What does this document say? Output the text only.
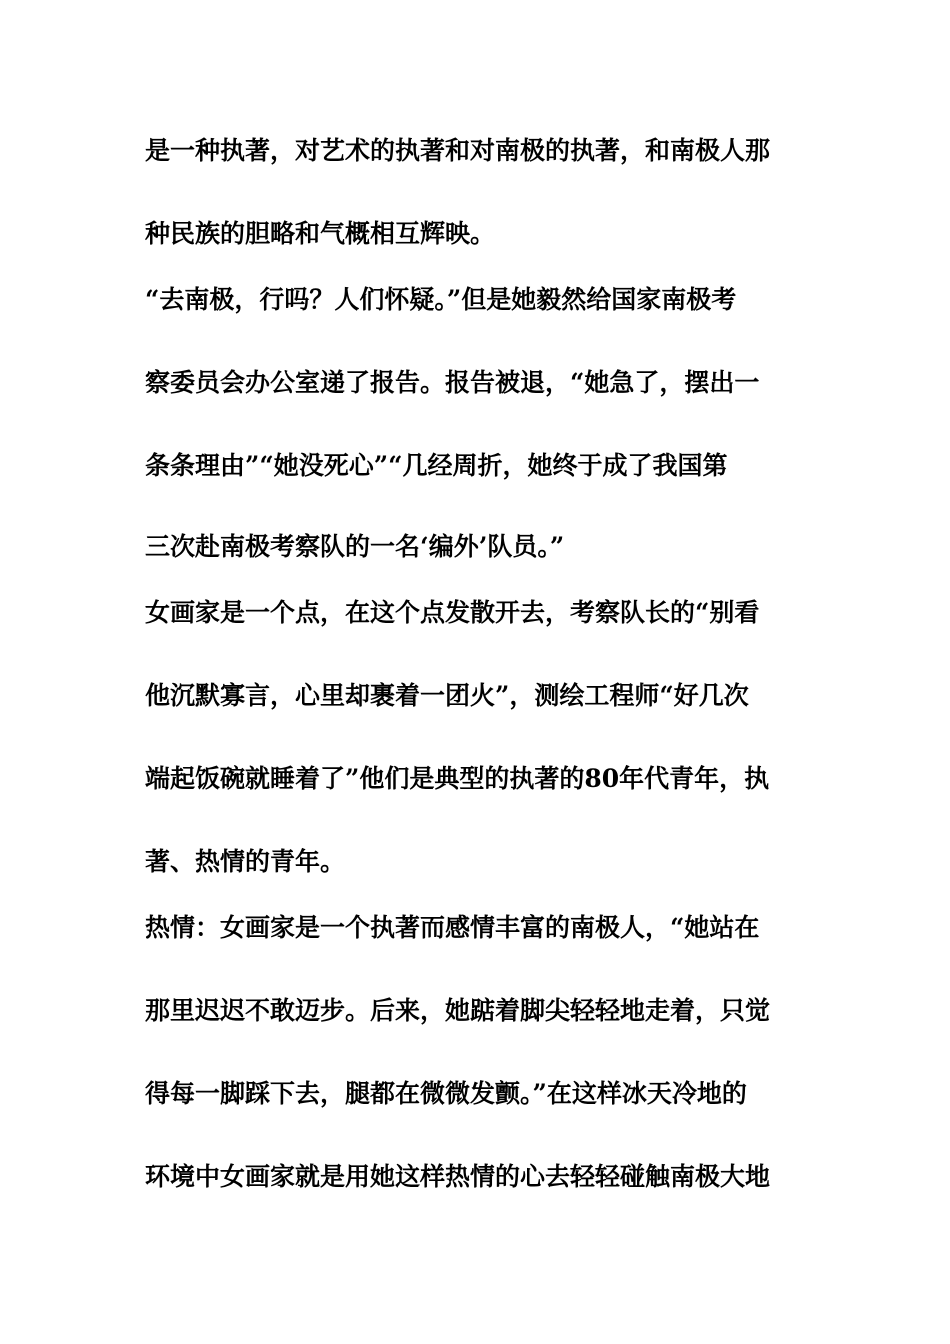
是一种执著，对艺术的执著和对南极的执著，和南极人那
种民族的胆略和气概相互辉映。
“去南极，行吗？人们怀疑。”但是她毅然给国家南极考
察委员会办公室递了报告。报告被退，“她急了，摆出一
条条理由”“她没死心”“几经周折，她终于成了我国第
三次赴南极考察队的一名‘编外’队员。”
女画家是一个点，在这个点发散开去，考察队长的“别看
他沉默寡言，心里却裹着一团火”，测绘工程师“好几次
端起饭碗就睡着了”他们是典型的执著的80年代青年，执
著、热情的青年。
热情：女画家是一个执著而感情丰富的南极人，“她站在
那里迟迟不敢迈步。后来，她踮着脚尖轻轻地走着，只觉
得每一脚踩下去，腿都在微微发颤。”在这样冰天冷地的
环境中女画家就是用她这样热情的心去轻轻碰触南极大地
